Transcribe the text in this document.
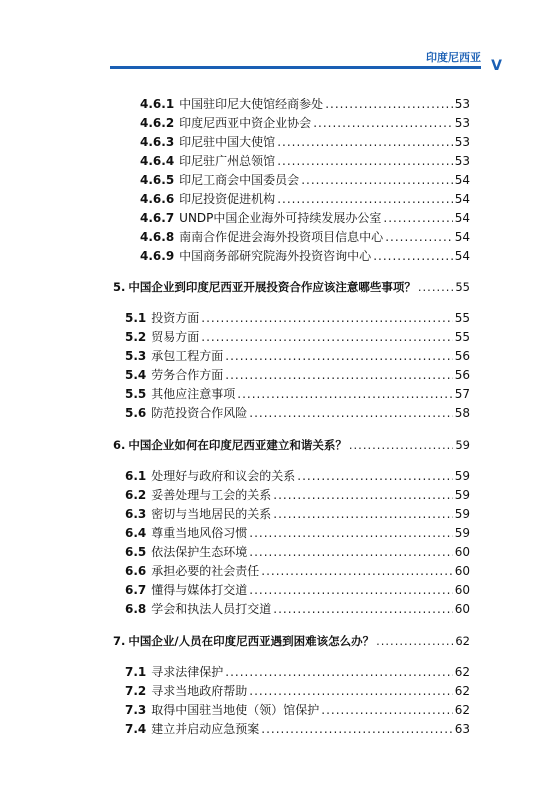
印度尼西亚
V
4.6.1 中国驻印尼大使馆经商参处 .....	53
4.6.2 印度尼西亚中资企业协会 .....	53
4.6.3 印尼驻中国大使馆 .....	53
4.6.4 印尼驻广州总领馆 .....	53
4.6.5 印尼工商会中国委员会 .....	54
4.6.6 印尼投资促进机构 .....	54
4.6.7 UNDP中国企业海外可持续发展办公室 .....	54
4.6.8 南南合作促进会海外投资项目信息中心 .....	54
4.6.9 中国商务部研究院海外投资咨询中心 .....	54
5. 中国企业到印度尼西亚开展投资合作应该注意哪些事项？ .....	55
5.1 投资方面 .....	55
5.2 贸易方面 .....	55
5.3 承包工程方面 .....	56
5.4 劳务合作方面 .....	56
5.5 其他应注意事项 .....	57
5.6 防范投资合作风险 .....	58
6. 中国企业如何在印度尼西亚建立和谐关系？ .....	59
6.1 处理好与政府和议会的关系 .....	59
6.2 妥善处理与工会的关系 .....	59
6.3 密切与当地居民的关系 .....	59
6.4 尊重当地风俗习惯 .....	59
6.5 依法保护生态环境 .....	60
6.6 承担必要的社会责任 .....	60
6.7 懂得与媒体打交道 .....	60
6.8 学会和执法人员打交道 .....	60
7. 中国企业/人员在印度尼西亚遇到困难该怎么办？ .....	62
7.1 寻求法律保护 .....	62
7.2 寻求当地政府帮助 .....	62
7.3 取得中国驻当地使（领）馆保护 .....	62
7.4 建立并启动应急预案 .....	63
